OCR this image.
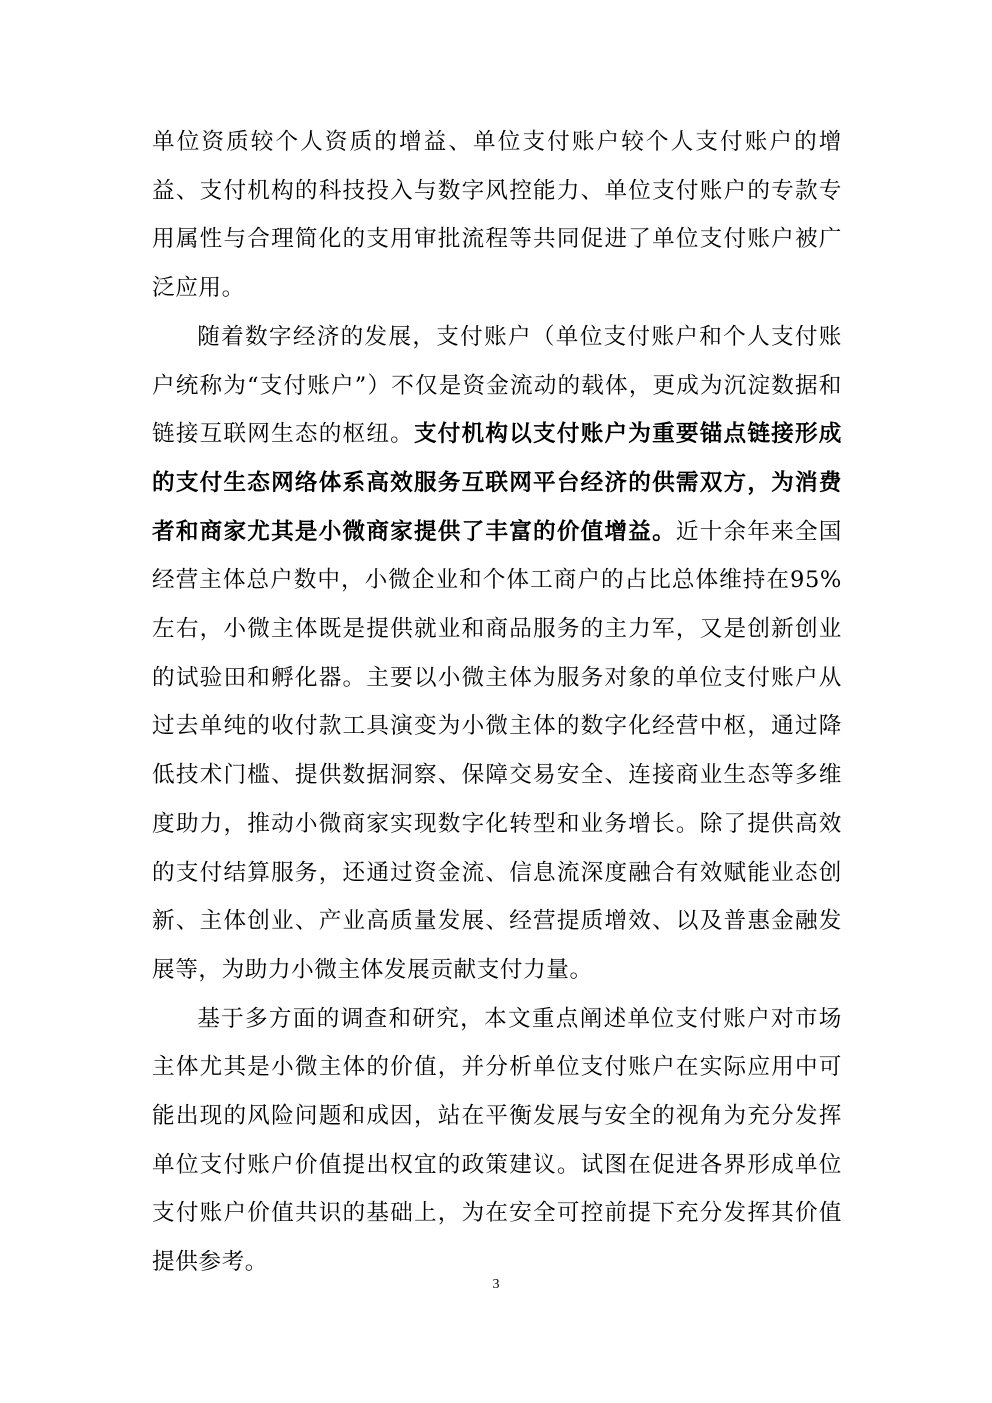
单位资质较个人资质的增益、单位支付账户较个人支付账户的增益、支付机构的科技投入与数字风控能力、单位支付账户的专款专用属性与合理简化的支用审批流程等共同促进了单位支付账户被广泛应用。

随着数字经济的发展，支付账户（单位支付账户和个人支付账户统称为“支付账户”）不仅是资金流动的载体，更成为沉淀数据和链接互联网生态的枢纽。支付机构以支付账户为重要锚点链接形成的支付生态网络体系高效服务互联网平台经济的供需双方，为消费者和商家尤其是小微商家提供了丰富的价值增益。近十余年来全国经营主体总户数中，小微企业和个体工商户的占比总体维持在95%左右，小微主体既是提供就业和商品服务的主力军，又是创新创业的试验田和孵化器。主要以小微主体为服务对象的单位支付账户从过去单纯的收付款工具演变为小微主体的数字化经营中枢，通过降低技术门槛、提供数据洞察、保障交易安全、连接商业生态等多维度助力，推动小微商家实现数字化转型和业务增长。除了提供高效的支付结算服务，还通过资金流、信息流深度融合有效赋能业态创新、主体创业、产业高质量发展、经营提质增效、以及普惠金融发展等，为助力小微主体发展贡献支付力量。

基于多方面的调查和研究，本文重点阐述单位支付账户对市场主体尤其是小微主体的价值，并分析单位支付账户在实际应用中可能出现的风险问题和成因，站在平衡发展与安全的视角为充分发挥单位支付账户价值提出权宜的政策建议。试图在促进各界形成单位支付账户价值共识的基础上，为在安全可控前提下充分发挥其价值提供参考。

3
